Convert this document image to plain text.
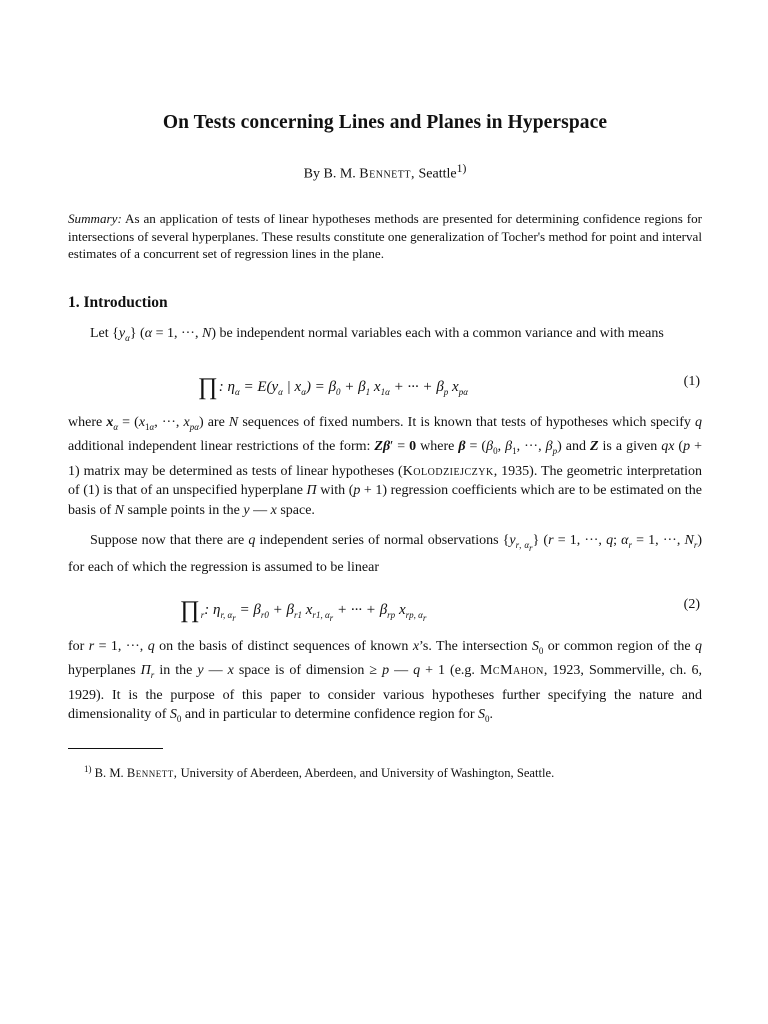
On Tests concerning Lines and Planes in Hyperspace
By B. M. Bennett, Seattle$^{1)}$
Summary: As an application of tests of linear hypotheses methods are presented for determining confidence regions for intersections of several hyperplanes. These results constitute one generalization of Tocher's method for point and interval estimates of a concurrent set of regression lines in the plane.
1. Introduction
Let $\{y_\alpha\} (\alpha = 1$, ···, N) be independent normal variables each with a common variance and with means
∏: $\eta_\alpha = E(y_\alpha$ | $x_\alpha) = \beta_0 + \beta_1$ $x_{1\alpha}$ + ··· + $\beta_p$ $x_{p\alpha}$
(1)
where $x_\alpha = (x_{1\alpha}$, ···, $x_{p\alpha}$) are N sequences of fixed numbers. It is known that tests of hypotheses which specify q additional independent linear restrictions of the form: Zβ′ = 0 where $\beta = (\beta_0$, $\beta_1$, ···, $\beta_p$) and Z is a given qx (p + 1) matrix may be determined as tests of linear hypotheses (Kolodziejczyk, 1935). The geometric interpretation of (1) is that of an unspecified hyperplane Π with (p + 1) regression coefficients which are to be estimated on the basis of N sample points in the y — x space.
Suppose now that there are q independent series of normal observations $\{y_{r, \alpha_r}\} (r = 1$, ···, q; $\alpha_r = 1$, ···, $N_r$) for each of which the regression is assumed to be linear
$\prod_r$: $\eta_{r, \alpha_r} = \beta_{r0} + \beta_{r1}$ $x_{r1, \alpha_r}$ + ··· + $\beta_{rp}$ $x_{rp, \alpha_r}$
(2)
for r = 1, ···, q on the basis of distinct sequences of known x’s. The intersection $S_0$ or common region of the q hyperplanes $\Pi_r$ in the y — x space is of dimension ≥ p — q + 1 (e.g. McMahon, 1923, Sommerville, ch. 6, 1929). It is the purpose of this paper to consider various hypotheses further specifying the nature and dimensionality of $S_0$ and in particular to determine confidence region for $S_0$.
$^{1)}$ B. M. Bennett, University of Aberdeen, Aberdeen, and University of Washington, Seattle.
